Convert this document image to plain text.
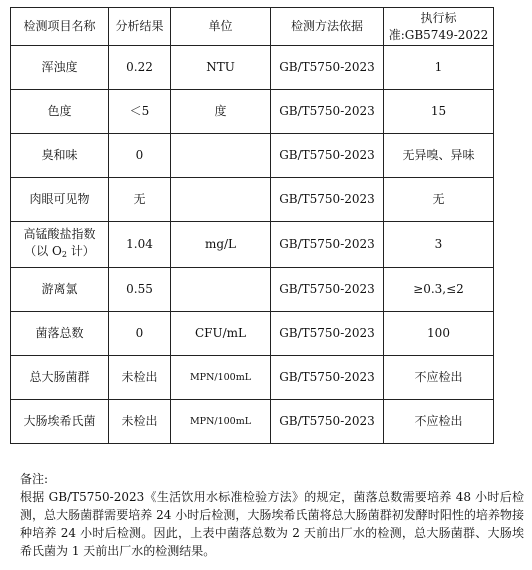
检测项目名称	分析结果	单位	检测方法依据	执行标
准:GB5749-2022
浑浊度	0.22	NTU	GB/T5750-2023	1
色度	＜5	度	GB/T5750-2023	15
臭和味	0		GB/T5750-2023	无异嗅、异味
肉眼可见物	无		GB/T5750-2023	无
高锰酸盐指数
（以 $O_2$ 计）	1.04	mg/L	GB/T5750-2023	3
游离氯	0.55		GB/T5750-2023	≥0.3,≤2
菌落总数	0	CFU/mL	GB/T5750-2023	100
总大肠菌群	未检出	MPN/100mL	GB/T5750-2023	不应检出
大肠埃希氏菌	未检出	MPN/100mL	GB/T5750-2023	不应检出

备注:

根据 GB/T5750-2023《生活饮用水标准检验方法》的规定，菌落总数需要培养 48 小时后检测，总大肠菌群需要培养 24 小时后检测，大肠埃希氏菌将总大肠菌群初发酵时阳性的培养物接种培养 24 小时后检测。因此，上表中菌落总数为 2 天前出厂水的检测，总大肠菌群、大肠埃希氏菌为 1 天前出厂水的检测结果。
